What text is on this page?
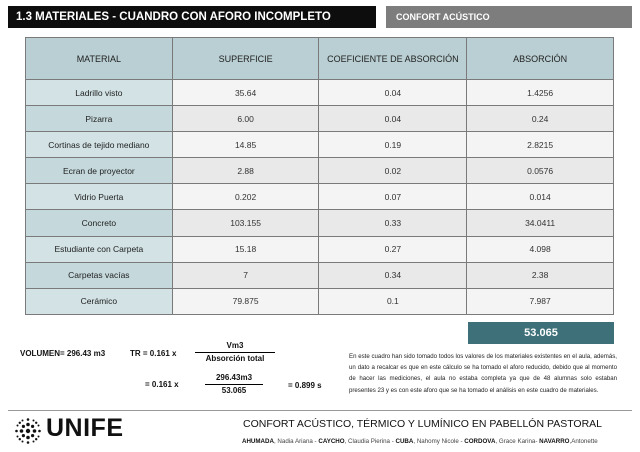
1.3 MATERIALES - CUANDRO CON AFORO INCOMPLETO	CONFORT ACÚSTICO
MATERIAL	SUPERFICIE	COEFICIENTE DE ABSORCIÓN	ABSORCIÓN
Ladrillo visto	35.64	0.04	1.4256
Pizarra	6.00	0.04	0.24
Cortinas de tejido mediano	14.85	0.19	2.8215
Ecran de proyector	2.88	0.02	0.0576
Vidrio Puerta	0.202	0.07	0.014
Concreto	103.155	0.33	34.0411
Estudiante con Carpeta	15.18	0.27	4.098
Carpetas vacías	7	0.34	2.38
Cerámico	79.875	0.1	7.987
53.065
VOLUMEN= 296.43 m3	TR = 0.161 x
Vm3
Absorción total
= 0.161 x	$\frac{296.43m3}{53.065}$	= 0.899 s

En este cuadro han sido tomado todos los valores de los materiales existentes en el aula, además, un dato a recalcar es que en este cálculo se ha tomado el aforo reducido, debido que al momento de hacer las mediciones, el aula no estaba completa ya que de 48 alumnas solo estaban presentes 23 y es con este aforo que se ha tomado el análisis en este cuadro de materiales.

UNIFE	CONFORT ACÚSTICO, TÉRMICO Y LUMÍNICO EN PABELLÓN PASTORAL
AHUMADA, Nadia Ariana - CAYCHO, Claudia Pierina - CUBA, Nahomy Nicole - CORDOVA, Grace Karina- NAVARRO,Antonette
